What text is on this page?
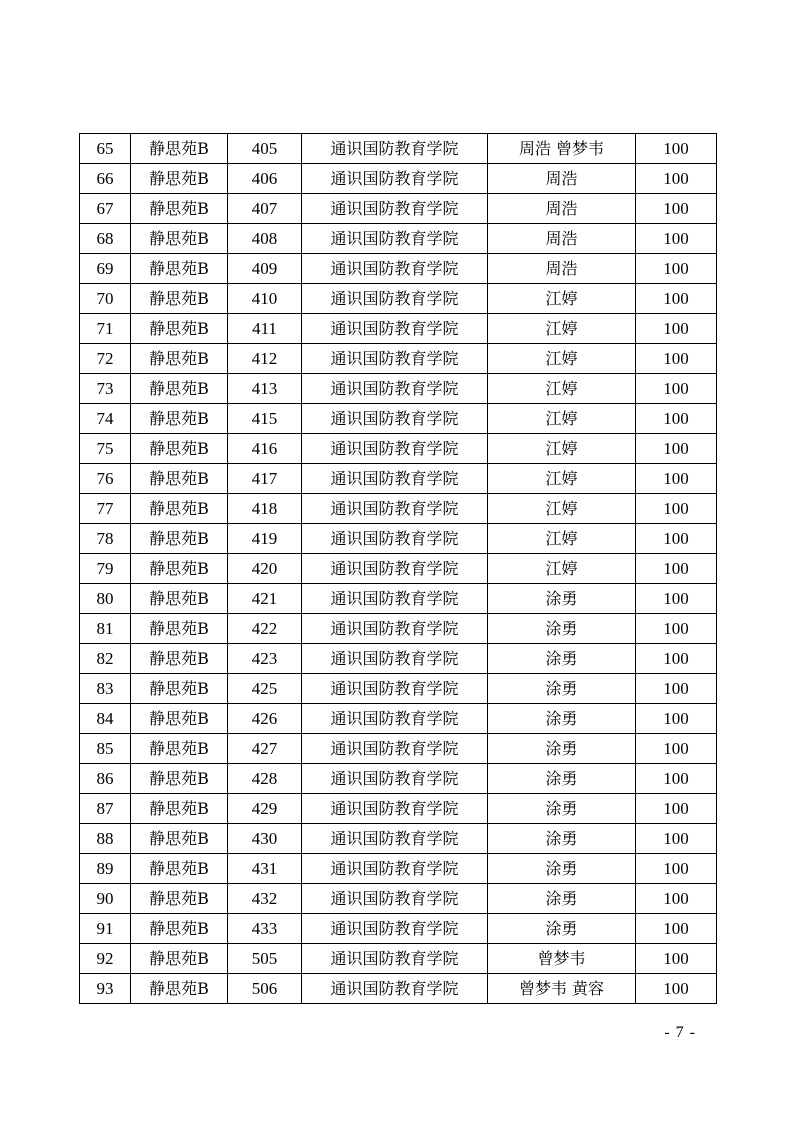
65	静思苑B	405	通识国防教育学院	周浩 曾梦韦	100
66	静思苑B	406	通识国防教育学院	周浩	100
67	静思苑B	407	通识国防教育学院	周浩	100
68	静思苑B	408	通识国防教育学院	周浩	100
69	静思苑B	409	通识国防教育学院	周浩	100
70	静思苑B	410	通识国防教育学院	江婷	100
71	静思苑B	411	通识国防教育学院	江婷	100
72	静思苑B	412	通识国防教育学院	江婷	100
73	静思苑B	413	通识国防教育学院	江婷	100
74	静思苑B	415	通识国防教育学院	江婷	100
75	静思苑B	416	通识国防教育学院	江婷	100
76	静思苑B	417	通识国防教育学院	江婷	100
77	静思苑B	418	通识国防教育学院	江婷	100
78	静思苑B	419	通识国防教育学院	江婷	100
79	静思苑B	420	通识国防教育学院	江婷	100
80	静思苑B	421	通识国防教育学院	涂勇	100
81	静思苑B	422	通识国防教育学院	涂勇	100
82	静思苑B	423	通识国防教育学院	涂勇	100
83	静思苑B	425	通识国防教育学院	涂勇	100
84	静思苑B	426	通识国防教育学院	涂勇	100
85	静思苑B	427	通识国防教育学院	涂勇	100
86	静思苑B	428	通识国防教育学院	涂勇	100
87	静思苑B	429	通识国防教育学院	涂勇	100
88	静思苑B	430	通识国防教育学院	涂勇	100
89	静思苑B	431	通识国防教育学院	涂勇	100
90	静思苑B	432	通识国防教育学院	涂勇	100
91	静思苑B	433	通识国防教育学院	涂勇	100
92	静思苑B	505	通识国防教育学院	曾梦韦	100
93	静思苑B	506	通识国防教育学院	曾梦韦 黄容	100
- 7 -
